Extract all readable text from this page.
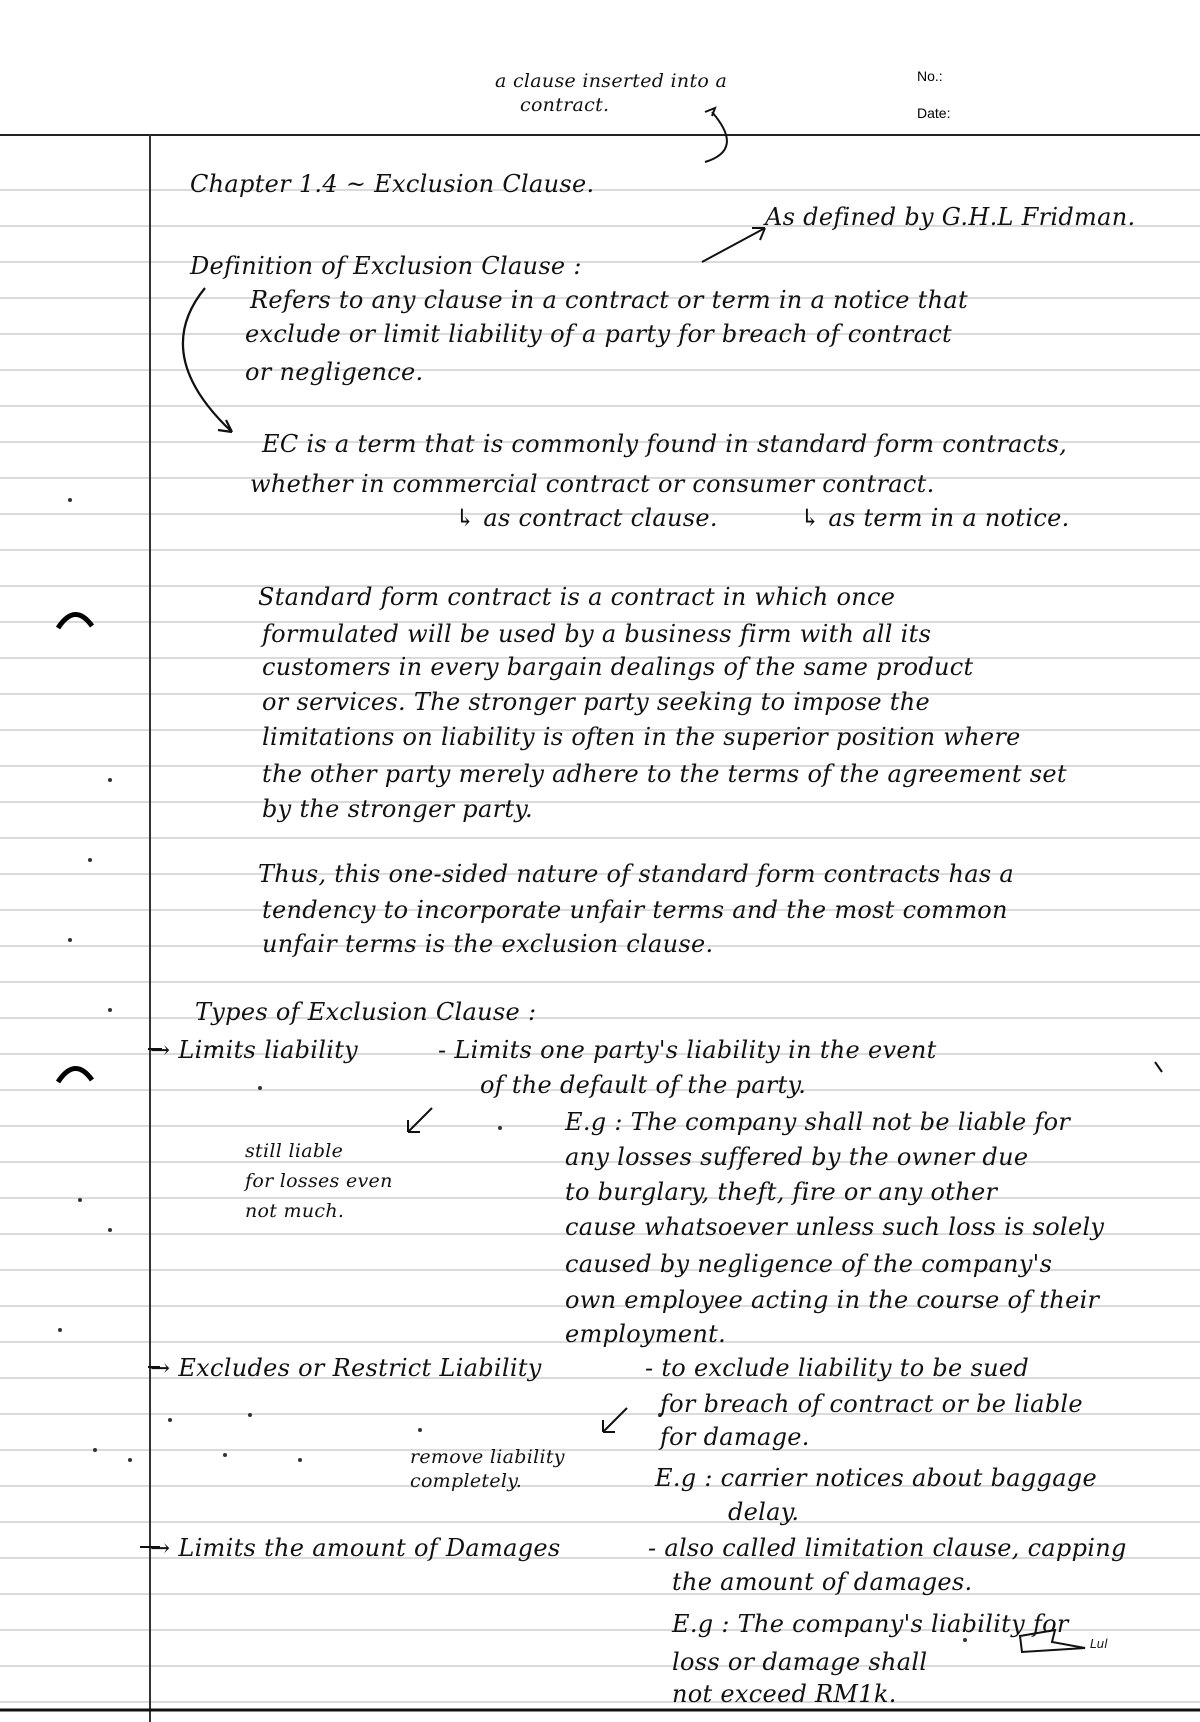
Lul
No.:
Date:
a clause inserted into a
contract.
Chapter 1.4 ~ Exclusion Clause.
As defined by G.H.L Fridman.
Definition of Exclusion Clause :
Refers to any clause in a contract or term in a notice that
exclude or limit liability of a party for breach of contract
or negligence.
EC is a term that is commonly found in standard form contracts,
whether in commercial contract or consumer contract.
↳ as contract clause.	↳ as term in a notice.
Standard form contract is a contract in which once
formulated will be used by a business firm with all its
customers in every bargain dealings of the same product
or services. The stronger party seeking to impose the
limitations on liability is often in the superior position where
the other party merely adhere to the terms of the agreement set
by the stronger party.
Thus, this one-sided nature of standard form contracts has a
tendency to incorporate unfair terms and the most common
unfair terms is the exclusion clause.
Types of Exclusion Clause :
→ Limits liability	- Limits one party's liability in the event
of the default of the party.
E.g : The company shall not be liable for
any losses suffered by the owner due
to burglary, theft, fire or any other
cause whatsoever unless such loss is solely
caused by negligence of the company's
own employee acting in the course of their
employment.
still liable
for losses even
not much.
→ Excludes or Restrict Liability	- to exclude liability to be sued
for breach of contract or be liable
for damage.
remove liability
completely.	E.g : carrier notices about baggage
delay.
→ Limits the amount of Damages	- also called limitation clause, capping
the amount of damages.
E.g : The company's liability for
loss or damage shall
not exceed RM1k.
